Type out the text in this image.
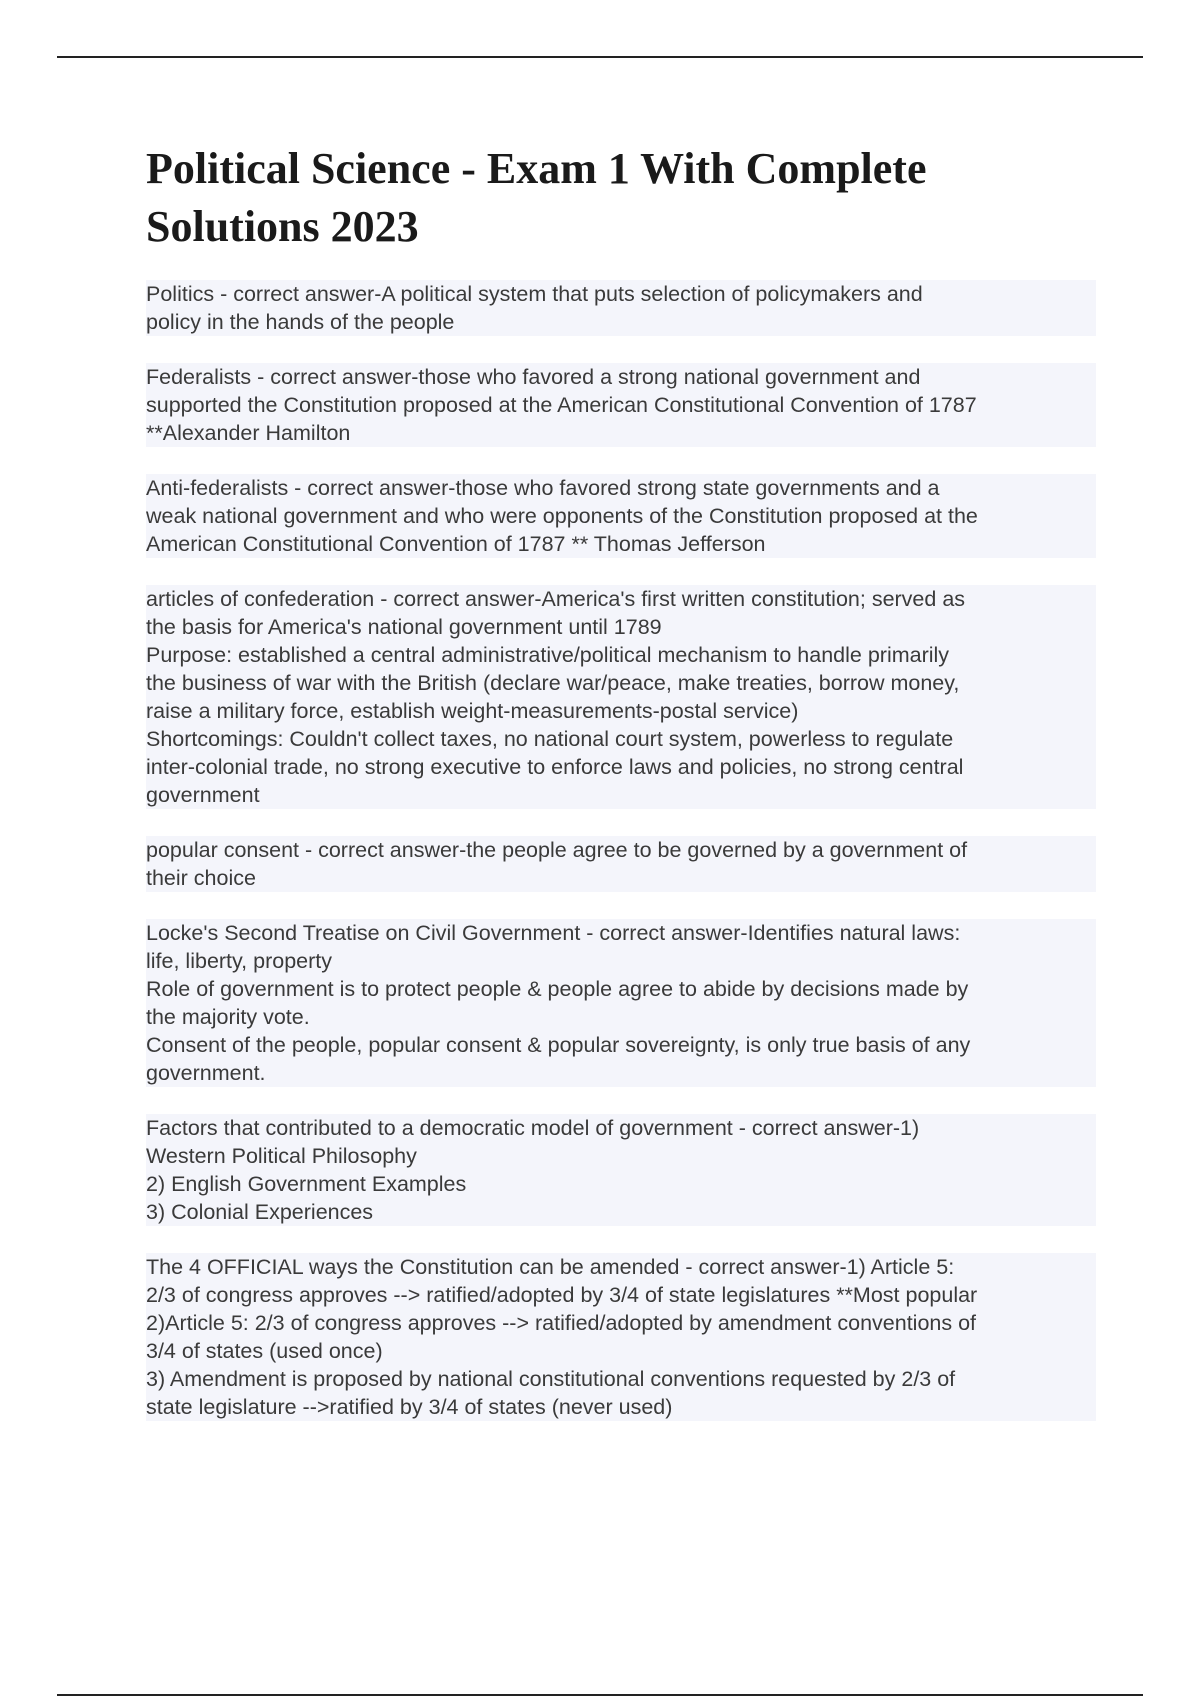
Political Science - Exam 1 With Complete
Solutions 2023
Politics - correct answer-A political system that puts selection of policymakers and
policy in the hands of the people
Federalists - correct answer-those who favored a strong national government and
supported the Constitution proposed at the American Constitutional Convention of 1787
**Alexander Hamilton
Anti-federalists - correct answer-those who favored strong state governments and a
weak national government and who were opponents of the Constitution proposed at the
American Constitutional Convention of 1787 ** Thomas Jefferson
articles of confederation - correct answer-America's first written constitution; served as
the basis for America's national government until 1789
Purpose: established a central administrative/political mechanism to handle primarily
the business of war with the British (declare war/peace, make treaties, borrow money,
raise a military force, establish weight-measurements-postal service)
Shortcomings: Couldn't collect taxes, no national court system, powerless to regulate
inter-colonial trade, no strong executive to enforce laws and policies, no strong central
government
popular consent - correct answer-the people agree to be governed by a government of
their choice
Locke's Second Treatise on Civil Government - correct answer-Identifies natural laws:
life, liberty, property
Role of government is to protect people & people agree to abide by decisions made by
the majority vote.
Consent of the people, popular consent & popular sovereignty, is only true basis of any
government.
Factors that contributed to a democratic model of government - correct answer-1)
Western Political Philosophy
2) English Government Examples
3) Colonial Experiences
The 4 OFFICIAL ways the Constitution can be amended - correct answer-1) Article 5:
2/3 of congress approves --> ratified/adopted by 3/4 of state legislatures **Most popular
2)Article 5: 2/3 of congress approves --> ratified/adopted by amendment conventions of
3/4 of states (used once)
3) Amendment is proposed by national constitutional conventions requested by 2/3 of
state legislature -->ratified by 3/4 of states (never used)
